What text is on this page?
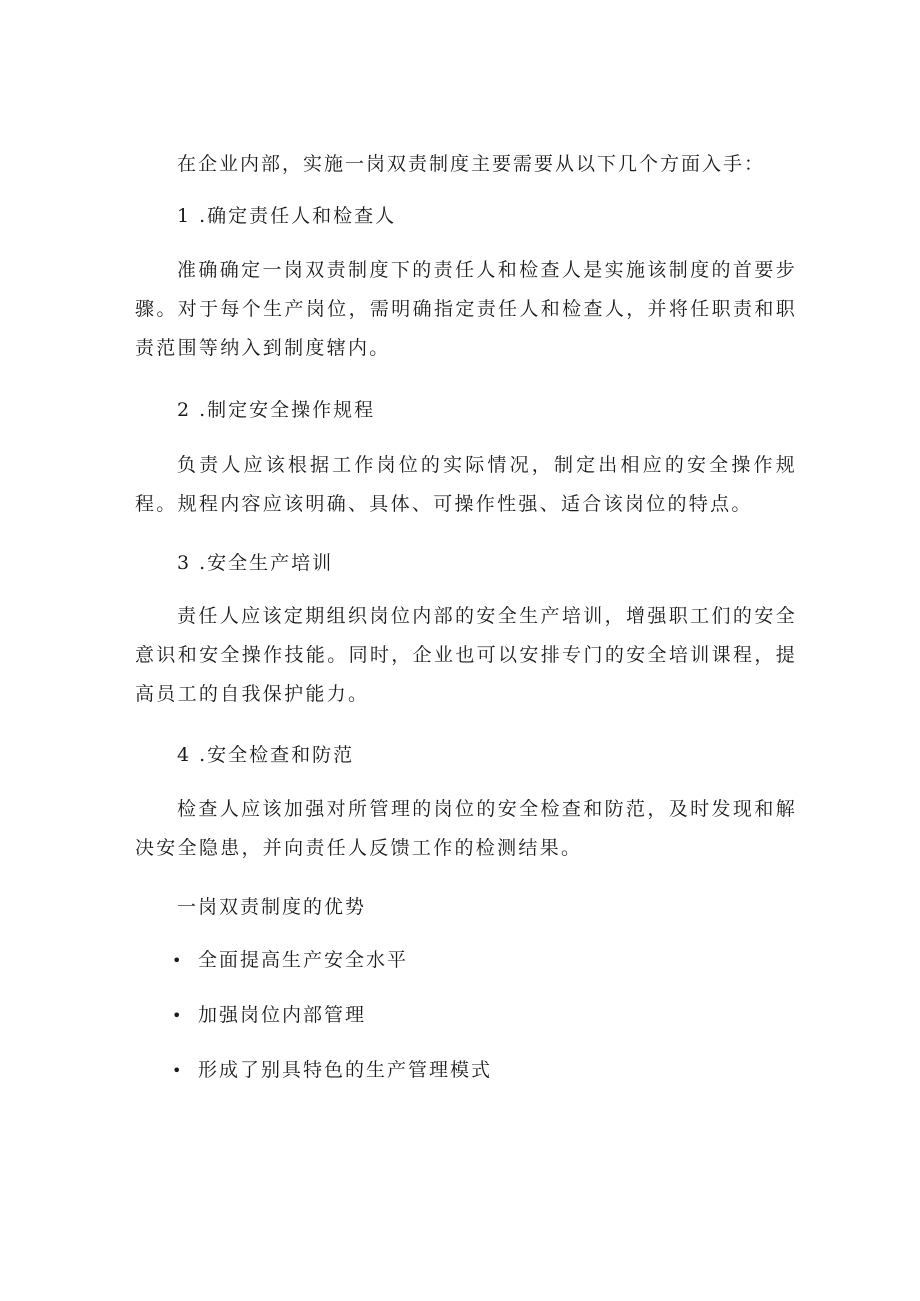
在企业内部，实施一岗双责制度主要需要从以下几个方面入手：
1 .确定责任人和检查人
准确确定一岗双责制度下的责任人和检查人是实施该制度的首要步骤。对于每个生产岗位，需明确指定责任人和检查人，并将任职责和职责范围等纳入到制度辖内。
2 .制定安全操作规程
负责人应该根据工作岗位的实际情况，制定出相应的安全操作规程。规程内容应该明确、具体、可操作性强、适合该岗位的特点。
3 .安全生产培训
责任人应该定期组织岗位内部的安全生产培训，增强职工们的安全意识和安全操作技能。同时，企业也可以安排专门的安全培训课程，提高员工的自我保护能力。
4 .安全检查和防范
检查人应该加强对所管理的岗位的安全检查和防范，及时发现和解决安全隐患，并向责任人反馈工作的检测结果。
一岗双责制度的优势
• 全面提高生产安全水平
• 加强岗位内部管理
• 形成了别具特色的生产管理模式
